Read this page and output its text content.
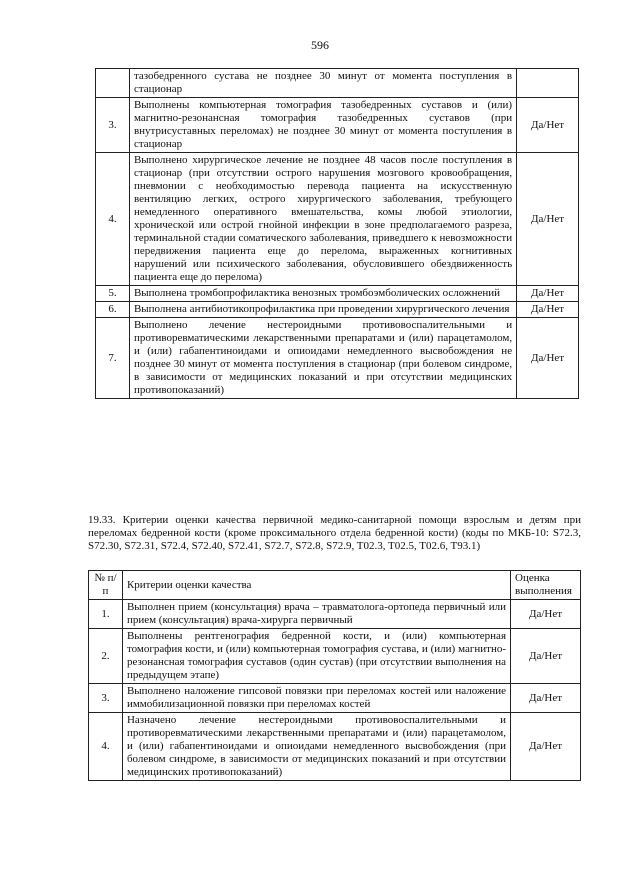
596
	тазобедренного сустава не позднее 30 минут от момента поступления в стационар	
3.	Выполнены компьютерная томография тазобедренных суставов и (или) магнитно-резонансная томография тазобедренных суставов (при внутрисуставных переломах) не позднее 30 минут от момента поступления в стационар	Да/Нет
4.	Выполнено хирургическое лечение не позднее 48 часов после поступления в стационар (при отсутствии острого нарушения мозгового кровообращения, пневмонии с необходимостью перевода пациента на искусственную вентиляцию легких, острого хирургического заболевания, требующего немедленного оперативного вмешательства, комы любой этиологии, хронической или острой гнойной инфекции в зоне предполагаемого разреза, терминальной стадии соматического заболевания, приведшего к невозможности передвижения пациента еще до перелома, выраженных когнитивных нарушений или психического заболевания, обусловившего обездвиженность пациента еще до перелома)	Да/Нет
5.	Выполнена тромбопрофилактика венозных тромбоэмболических осложнений	Да/Нет
6.	Выполнена антибиотикопрофилактика при проведении хирургического лечения	Да/Нет
7.	Выполнено лечение нестероидными противовоспалительными и противоревматическими лекарственными препаратами и (или) парацетамолом, и (или) габапентиноидами и опиоидами немедленного высвобождения не позднее 30 минут от момента поступления в стационар (при болевом синдроме, в зависимости от медицинских показаний и при отсутствии медицинских противопоказаний)	Да/Нет
19.33. Критерии оценки качества первичной медико-санитарной помощи взрослым и детям при переломах бедренной кости (кроме проксимального отдела бедренной кости) (коды по МКБ-10: S72.3, S72.30, S72.31, S72.4, S72.40, S72.41, S72.7, S72.8, S72.9, T02.3, T02.5, T02.6, T93.1)
№ п/п	Критерии оценки качества	Оценка выполнения
1.	Выполнен прием (консультация) врача – травматолога-ортопеда первичный или прием (консультация) врача-хирурга первичный	Да/Нет
2.	Выполнены рентгенография бедренной кости, и (или) компьютерная томография кости, и (или) компьютерная томография сустава, и (или) магнитно-резонансная томография суставов (один сустав) (при отсутствии выполнения на предыдущем этапе)	Да/Нет
3.	Выполнено наложение гипсовой повязки при переломах костей или наложение иммобилизационной повязки при переломах костей	Да/Нет
4.	Назначено лечение нестероидными противовоспалительными и противоревматическими лекарственными препаратами и (или) парацетамолом, и (или) габапентиноидами и опиоидами немедленного высвобождения (при болевом синдроме, в зависимости от медицинских показаний и при отсутствии медицинских противопоказаний)	Да/Нет
